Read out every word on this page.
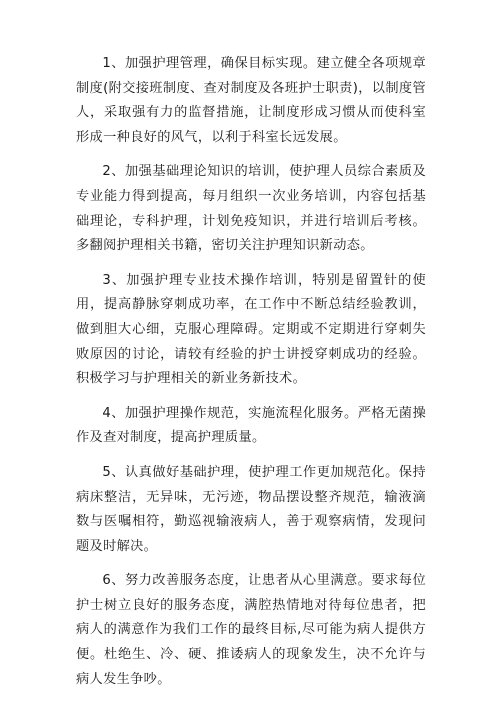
1、加强护理管理，确保目标实现。建立健全各项规章制度(附交接班制度、查对制度及各班护士职责)，以制度管人，采取强有力的监督措施，让制度形成习惯从而使科室形成一种良好的风气，以利于科室长远发展。

2、加强基础理论知识的培训，使护理人员综合素质及专业能力得到提高，每月组织一次业务培训，内容包括基础理论，专科护理，计划免疫知识，并进行培训后考核。多翻阅护理相关书籍，密切关注护理知识新动态。

3、加强护理专业技术操作培训，特别是留置针的使用，提高静脉穿刺成功率，在工作中不断总结经验教训，做到胆大心细，克服心理障碍。定期或不定期进行穿刺失败原因的讨论，请较有经验的护士讲授穿刺成功的经验。积极学习与护理相关的新业务新技术。

4、加强护理操作规范，实施流程化服务。严格无菌操作及查对制度，提高护理质量。

5、认真做好基础护理，使护理工作更加规范化。保持病床整洁，无异味，无污迹，物品摆设整齐规范，输液滴数与医嘱相符，勤巡视输液病人，善于观察病情，发现问题及时解决。

6、努力改善服务态度，让患者从心里满意。要求每位护士树立良好的服务态度，满腔热情地对待每位患者，把病人的满意作为我们工作的最终目标,尽可能为病人提供方便。杜绝生、冷、硬、推诿病人的现象发生，决不允许与病人发生争吵。
